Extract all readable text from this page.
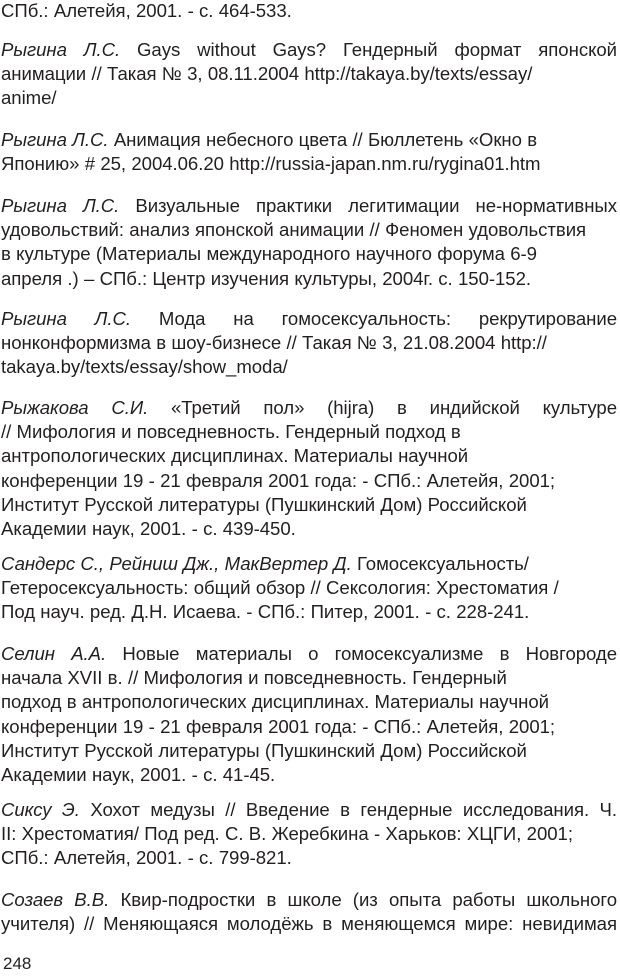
СПб.: Алетейя, 2001. - с. 464-533.

Рыгина Л.С. Gays without Gays? Гендерный формат японской
анимации // Такая № 3, 08.11.2004 http://takaya.by/texts/essay/
anime/

Рыгина Л.С. Анимация небесного цвета // Бюллетень «Окно в
Японию» # 25, 2004.06.20 http://russia-japan.nm.ru/rygina01.htm

Рыгина Л.С. Визуальные практики легитимации не-нормативных
удовольствий: анализ японской анимации // Феномен удовольствия
в культуре (Материалы международного научного форума 6-9
апреля .) – СПб.: Центр изучения культуры, 2004г. с. 150-152.

Рыгина Л.С. Мода на гомосексуальность: рекрутирование
нонконформизма в шоу-бизнесе // Такая № 3, 21.08.2004 http://
takaya.by/texts/essay/show_moda/

Рыжакова С.И. «Третий пол» (hijra) в индийской культуре
// Мифология и повседневность. Гендерный подход в
антропологических дисциплинах. Материалы научной
конференции 19 - 21 февраля 2001 года: - СПб.: Алетейя, 2001;
Институт Русской литературы (Пушкинский Дом) Российской
Академии наук, 2001. - с. 439-450.

Сандерс С., Рейниш Дж., МакВертер Д. Гомосексуальность/
Гетеросексуальность: общий обзор // Сексология: Хрестоматия /
Под науч. ред. Д.Н. Исаева. - СПб.: Питер, 2001. - с. 228-241.

Селин А.А. Новые материалы о гомосексуализме в Новгороде
начала XVII в. // Мифология и повседневность. Гендерный
подход в антропологических дисциплинах. Материалы научной
конференции 19 - 21 февраля 2001 года: - СПб.: Алетейя, 2001;
Институт Русской литературы (Пушкинский Дом) Российской
Академии наук, 2001. - с. 41-45.

Сиксу Э. Хохот медузы // Введение в гендерные исследования. Ч.
II: Хрестоматия/ Под ред. С. В. Жеребкина - Харьков: ХЦГИ, 2001;
СПб.: Алетейя, 2001. - с. 799-821.

Созаев В.В. Квир-подростки в школе (из опыта работы школьного
учителя) // Меняющаяся молодёжь в меняющемся мире: невидимая

248
